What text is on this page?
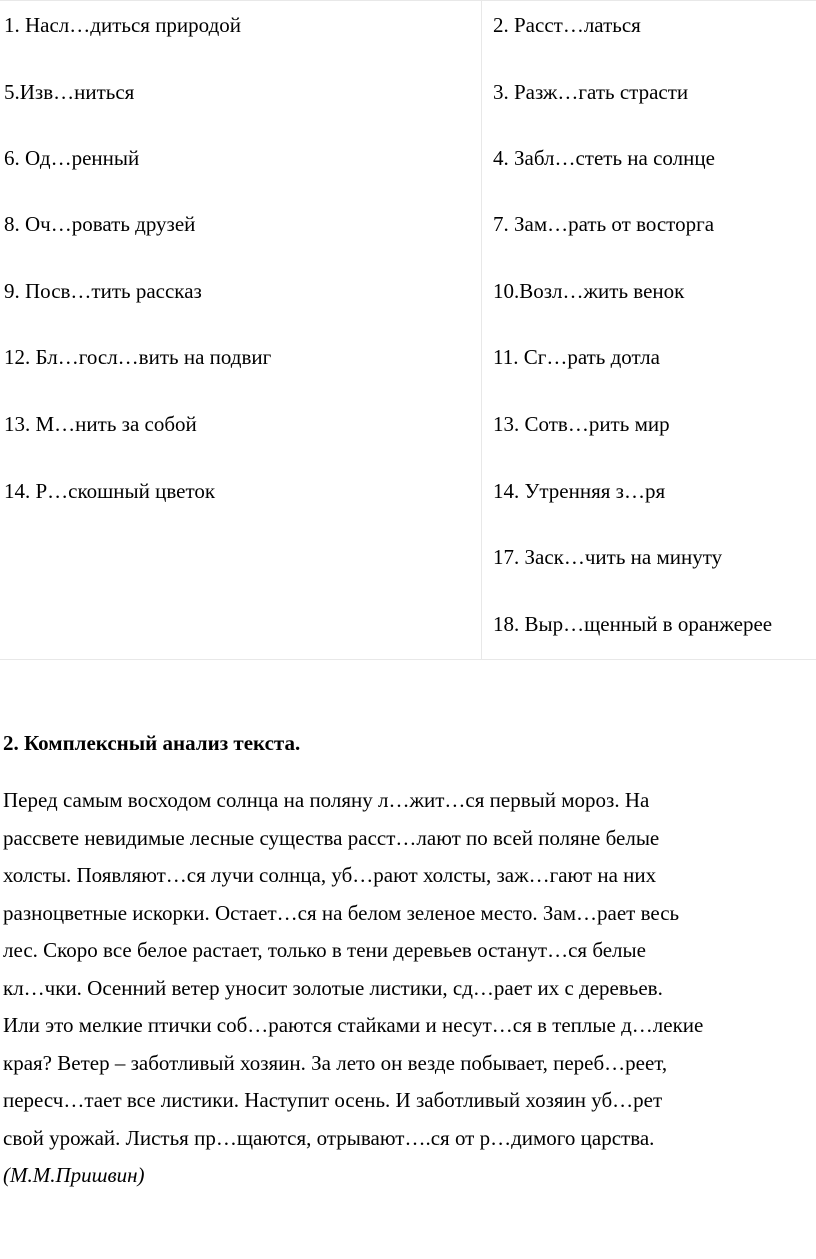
1. Насл…диться природой
5.Изв…ниться
6. Од…ренный
8. Оч…ровать друзей
9. Посв…тить рассказ
12. Бл…госл…вить на подвиг
13. М…нить за собой
14. Р…скошный цветок
2. Расст…латься
3. Разж…гать страсти
4. Забл…стеть на солнце
7. Зам…рать от восторга
10.Возл…жить венок
11. Сг…рать дотла
13. Сотв…рить мир
14. Утренняя з…ря
17. Заск…чить на минуту
18. Выр…щенный в оранжерее
2. Комплексный анализ текста.
Перед самым восходом солнца на поляну л…жит…ся первый мороз. На
рассвете невидимые лесные существа расст…лают по всей поляне белые
холсты. Появляют…ся лучи солнца, уб…рают холсты, заж…гают на них
разноцветные искорки. Остает…ся на белом зеленое место. Зам…рает весь
лес. Скоро все белое растает, только в тени деревьев останут…ся белые
кл…чки. Осенний ветер уносит золотые листики, сд…рает их с деревьев.
Или это мелкие птички соб…раются стайками и несут…ся в теплые д…лекие
края? Ветер – заботливый хозяин. За лето он везде побывает, переб…реет,
пересч…тает все листики. Наступит осень. И заботливый хозяин уб…рет
свой урожай. Листья пр…щаются, отрывают….ся от р…димого царства.
(М.М.Пришвин)
